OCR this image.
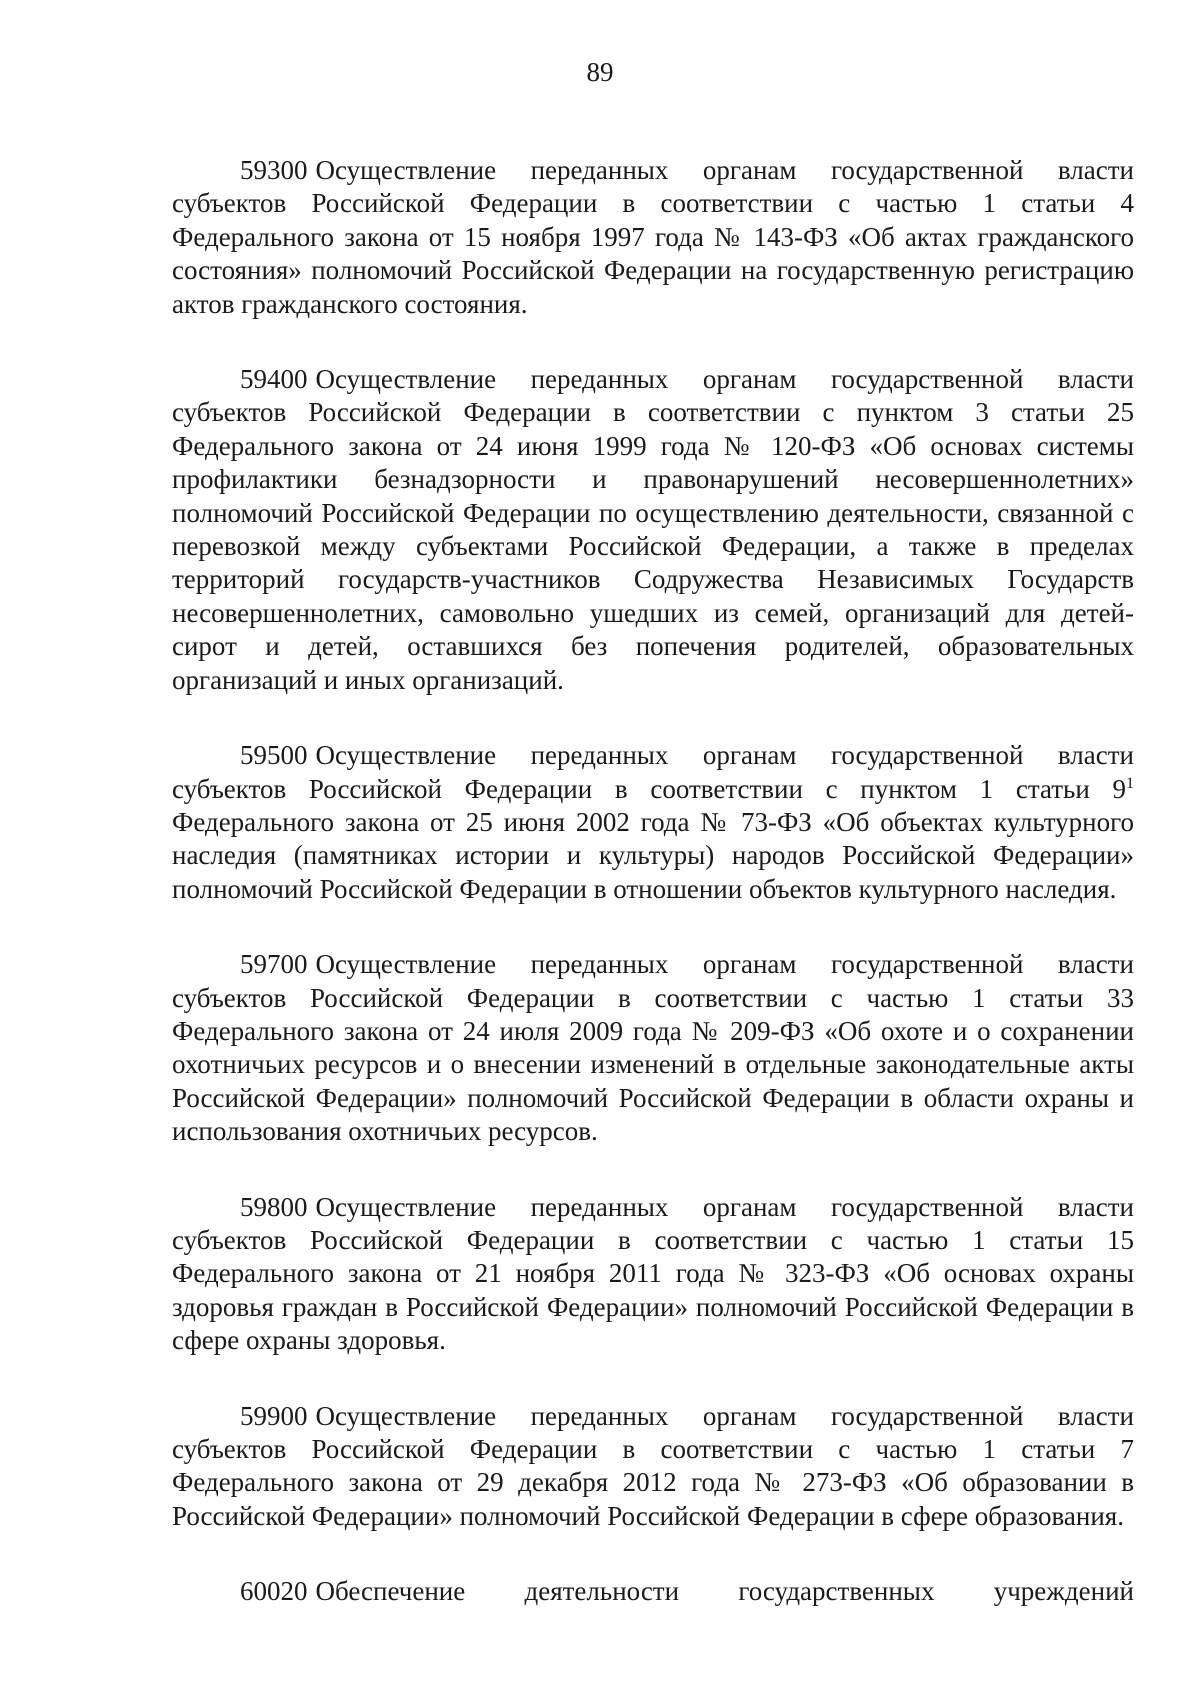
89

59300 Осуществление переданных органам государственной власти субъектов Российской Федерации в соответствии с частью 1 статьи 4 Федерального закона от 15 ноября 1997 года № 143-ФЗ «Об актах гражданского состояния» полномочий Российской Федерации на государственную регистрацию актов гражданского состояния.

59400 Осуществление переданных органам государственной власти субъектов Российской Федерации в соответствии с пунктом 3 статьи 25 Федерального закона от 24 июня 1999 года № 120-ФЗ «Об основах системы профилактики безнадзорности и правонарушений несовершеннолетних» полномочий Российской Федерации по осуществлению деятельности, связанной с перевозкой между субъектами Российской Федерации, а также в пределах территорий государств-участников Содружества Независимых Государств несовершеннолетних, самовольно ушедших из семей, организаций для детей-сирот и детей, оставшихся без попечения родителей, образовательных организаций и иных организаций.

59500 Осуществление переданных органам государственной власти субъектов Российской Федерации в соответствии с пунктом 1 статьи $9^1$ Федерального закона от 25 июня 2002 года № 73-ФЗ «Об объектах культурного наследия (памятниках истории и культуры) народов Российской Федерации» полномочий Российской Федерации в отношении объектов культурного наследия.

59700 Осуществление переданных органам государственной власти субъектов Российской Федерации в соответствии с частью 1 статьи 33 Федерального закона от 24 июля 2009 года № 209-ФЗ «Об охоте и о сохранении охотничьих ресурсов и о внесении изменений в отдельные законодательные акты Российской Федерации» полномочий Российской Федерации в области охраны и использования охотничьих ресурсов.

59800 Осуществление переданных органам государственной власти субъектов Российской Федерации в соответствии с частью 1 статьи 15 Федерального закона от 21 ноября 2011 года № 323-ФЗ «Об основах охраны здоровья граждан в Российской Федерации» полномочий Российской Федерации в сфере охраны здоровья.

59900 Осуществление переданных органам государственной власти субъектов Российской Федерации в соответствии с частью 1 статьи 7 Федерального закона от 29 декабря 2012 года № 273-ФЗ «Об образовании в Российской Федерации» полномочий Российской Федерации в сфере образования.

60020 Обеспечение деятельности государственных учреждений
